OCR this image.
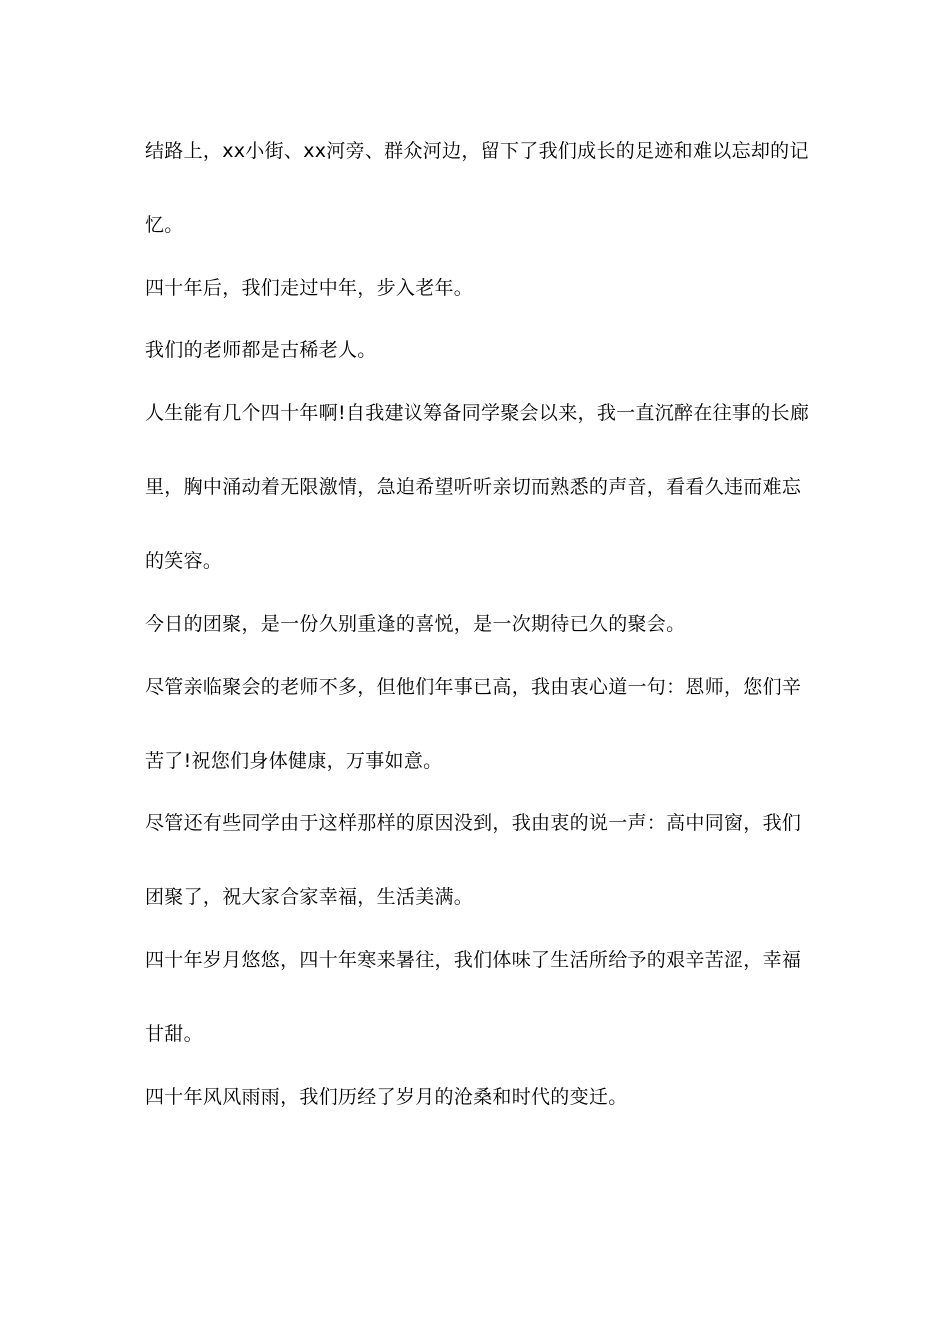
结路上，xx小街、xx河旁、群众河边，留下了我们成长的足迹和难以忘却的记
忆。
四十年后，我们走过中年，步入老年。
我们的老师都是古稀老人。
人生能有几个四十年啊!自我建议筹备同学聚会以来，我一直沉醉在往事的长廊
里，胸中涌动着无限激情，急迫希望听听亲切而熟悉的声音，看看久违而难忘
的笑容。
今日的团聚，是一份久别重逢的喜悦，是一次期待已久的聚会。
尽管亲临聚会的老师不多，但他们年事已高，我由衷心道一句：恩师，您们辛
苦了!祝您们身体健康，万事如意。
尽管还有些同学由于这样那样的原因没到，我由衷的说一声：高中同窗，我们
团聚了，祝大家合家幸福，生活美满。
四十年岁月悠悠，四十年寒来暑往，我们体味了生活所给予的艰辛苦涩，幸福
甘甜。
四十年风风雨雨，我们历经了岁月的沧桑和时代的变迁。
